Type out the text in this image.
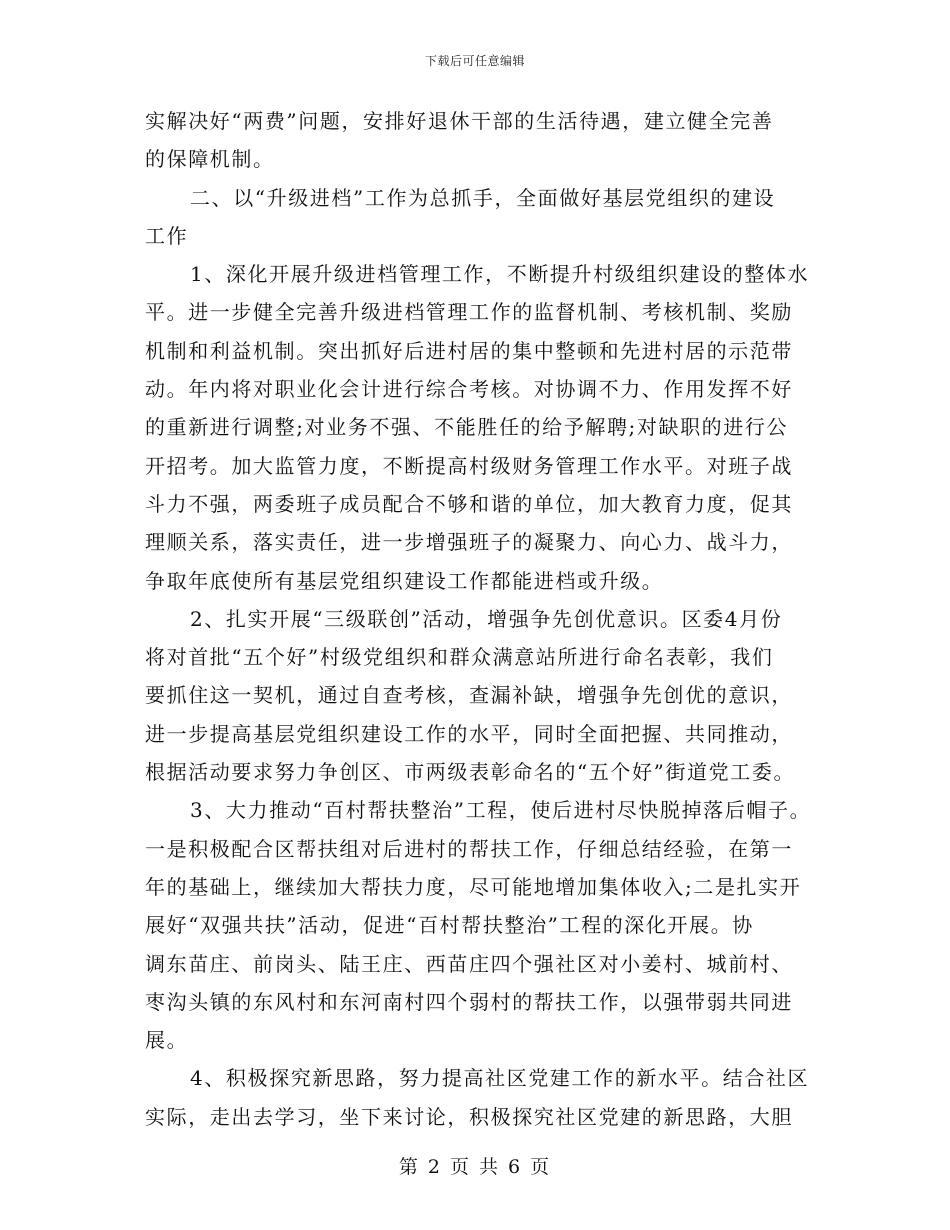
下载后可任意编辑
实解决好“两费”问题，安排好退休干部的生活待遇，建立健全完善
的保障机制。
二、以“升级进档”工作为总抓手，全面做好基层党组织的建设
工作
1、深化开展升级进档管理工作，不断提升村级组织建设的整体水
平。进一步健全完善升级进档管理工作的监督机制、考核机制、奖励
机制和利益机制。突出抓好后进村居的集中整顿和先进村居的示范带
动。年内将对职业化会计进行综合考核。对协调不力、作用发挥不好
的重新进行调整;对业务不强、不能胜任的给予解聘;对缺职的进行公
开招考。加大监管力度，不断提高村级财务管理工作水平。对班子战
斗力不强，两委班子成员配合不够和谐的单位，加大教育力度，促其
理顺关系，落实责任，进一步增强班子的凝聚力、向心力、战斗力，
争取年底使所有基层党组织建设工作都能进档或升级。
2、扎实开展“三级联创”活动，增强争先创优意识。区委4月份
将对首批“五个好”村级党组织和群众满意站所进行命名表彰，我们
要抓住这一契机，通过自查考核，查漏补缺，增强争先创优的意识，
进一步提高基层党组织建设工作的水平，同时全面把握、共同推动，
根据活动要求努力争创区、市两级表彰命名的“五个好”街道党工委。
3、大力推动“百村帮扶整治”工程，使后进村尽快脱掉落后帽子。
一是积极配合区帮扶组对后进村的帮扶工作，仔细总结经验，在第一
年的基础上，继续加大帮扶力度，尽可能地增加集体收入;二是扎实开
展好“双强共扶”活动，促进“百村帮扶整治”工程的深化开展。协
调东苗庄、前岗头、陆王庄、西苗庄四个强社区对小姜村、城前村、
枣沟头镇的东风村和东河南村四个弱村的帮扶工作，以强带弱共同进
展。
4、积极探究新思路，努力提高社区党建工作的新水平。结合社区
实际，走出去学习，坐下来讨论，积极探究社区党建的新思路，大胆
第 2 页 共 6 页
